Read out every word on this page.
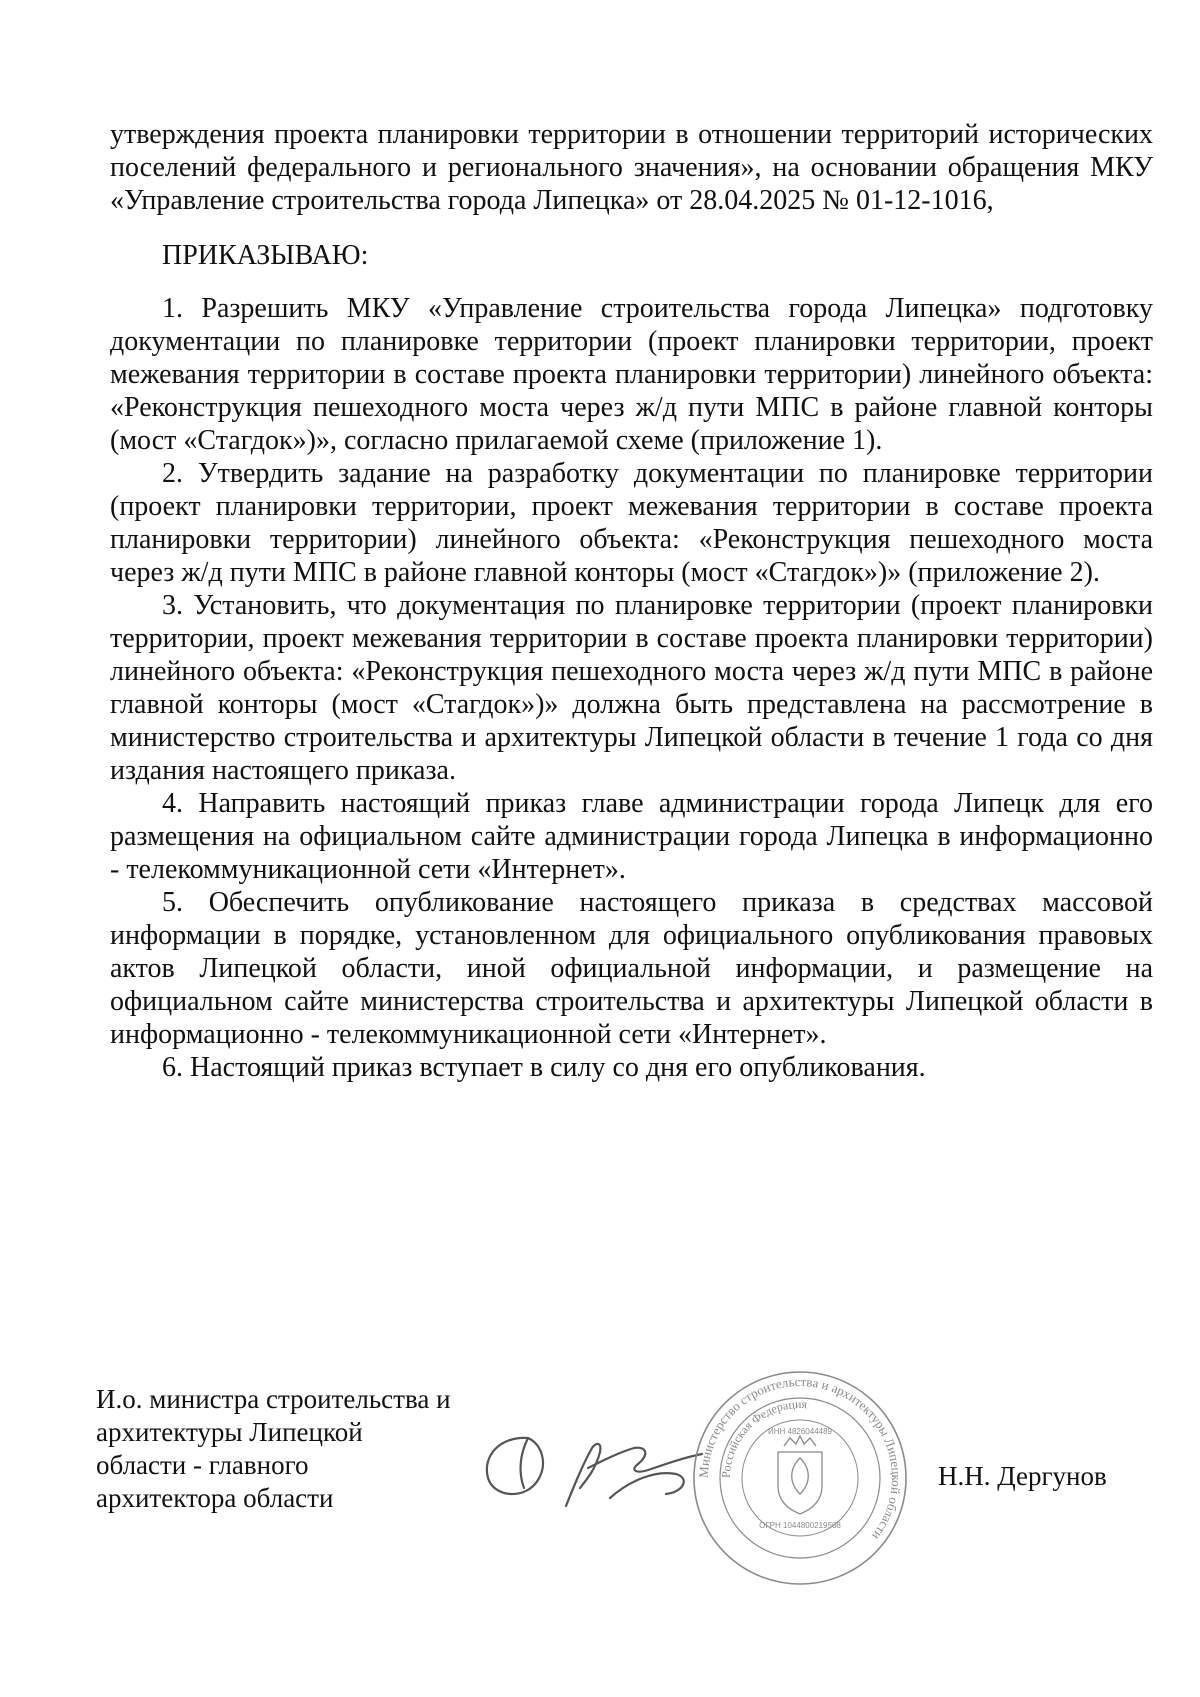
утверждения проекта планировки территории в отношении территорий исторических поселений федерального и регионального значения», на основании обращения МКУ «Управление строительства города Липецка» от 28.04.2025 № 01-12-1016,

ПРИКАЗЫВАЮ:

1. Разрешить МКУ «Управление строительства города Липецка» подготовку документации по планировке территории (проект планировки территории, проект межевания территории в составе проекта планировки территории) линейного объекта: «Реконструкция пешеходного моста через ж/д пути МПС в районе главной конторы (мост «Стагдок»)», согласно прилагаемой схеме (приложение 1).

2. Утвердить задание на разработку документации по планировке территории (проект планировки территории, проект межевания территории в составе проекта планировки территории) линейного объекта: «Реконструкция пешеходного моста через ж/д пути МПС в районе главной конторы (мост «Стагдок»)» (приложение 2).

3. Установить, что документация по планировке территории (проект планировки территории, проект межевания территории в составе проекта планировки территории) линейного объекта: «Реконструкция пешеходного моста через ж/д пути МПС в районе главной конторы (мост «Стагдок»)» должна быть представлена на рассмотрение в министерство строительства и архитектуры Липецкой области в течение 1 года со дня издания настоящего приказа.

4. Направить настоящий приказ главе администрации города Липецк для его размещения на официальном сайте администрации города Липецка в информационно - телекоммуникационной сети «Интернет».

5. Обеспечить опубликование настоящего приказа в средствах массовой информации в порядке, установленном для официального опубликования правовых актов Липецкой области, иной официальной информации, и размещение на официальном сайте министерства строительства и архитектуры Липецкой области в информационно - телекоммуникационной сети «Интернет».

6. Настоящий приказ вступает в силу со дня его опубликования.

И.о. министра строительства и
архитектуры Липецкой
области - главного
архитектора области
Министерство строительства и архитектуры Липецкой области
Российская Федерация
ИНН 4826044489
ОГРН 1044800219508
Н.Н. Дергунов
